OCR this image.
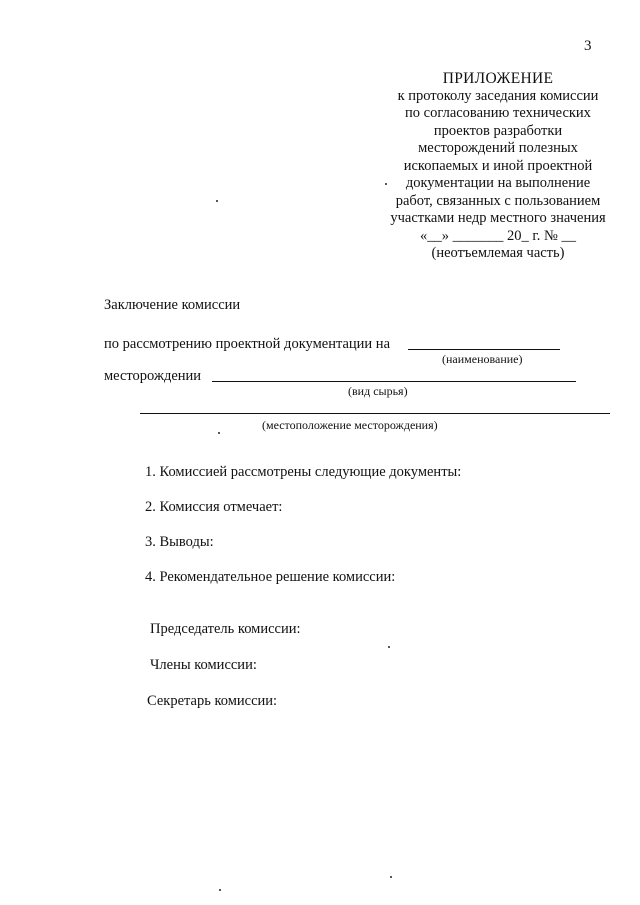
3
ПРИЛОЖЕНИЕ
к протоколу заседания комиссии
по согласованию технических
проектов разработки
месторождений полезных
ископаемых и иной проектной
документации на выполнение
работ, связанных с пользованием
участками недр местного значения
«__» _______ 20_ г. № __
(неотъемлемая часть)
Заключение комиссии
по рассмотрению проектной документации на
(наименование)
месторождении
(вид сырья)
(местоположение месторождения)
1. Комиссией рассмотрены следующие документы:
2. Комиссия отмечает:
3. Выводы:
4. Рекомендательное решение комиссии:
Председатель комиссии:
Члены комиссии:
Секретарь комиссии:
